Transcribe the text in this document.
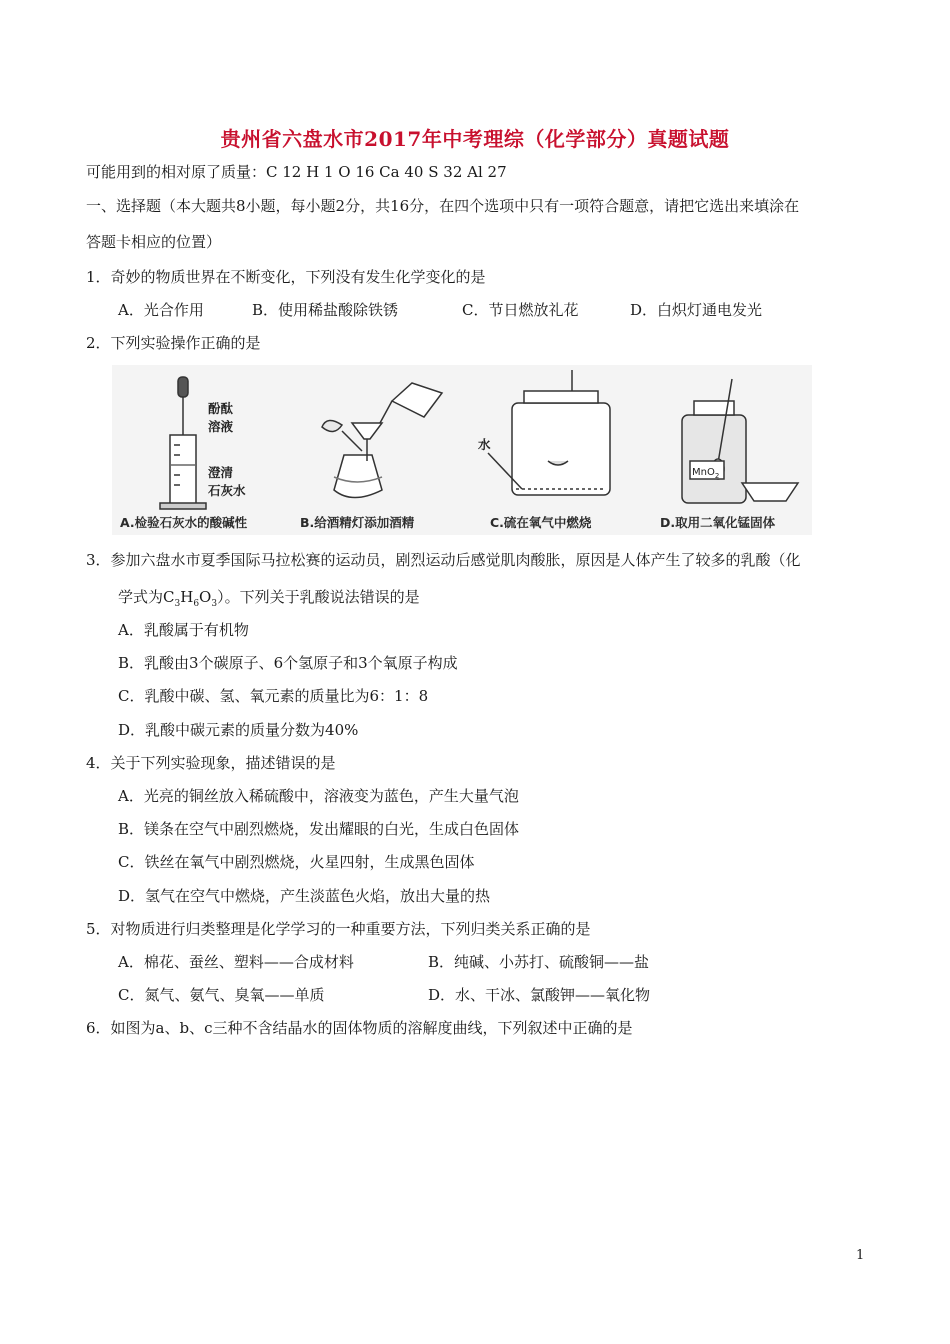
贵州省六盘水市2017年中考理综（化学部分）真题试题
可能用到的相对原了质量：C 12 H 1 O 16 Ca 40 S 32 Al 27
一、选择题（本大题共8小题，每小题2分，共16分，在四个选项中只有一项符合题意，请把它选出来填涂在
答题卡相应的位置）
1．奇妙的物质世界在不断变化，下列没有发生化学变化的是
A．光合作用	B．使用稀盐酸除铁锈	C．节日燃放礼花	D．白炽灯通电发光
2．下列实验操作正确的是
酚酞
溶液
澄清
石灰水
水
MnO$_2$
A.检验石灰水的酸碱性	B.给酒精灯添加酒精	C.硫在氧气中燃烧	D.取用二氧化锰固体
3．参加六盘水市夏季国际马拉松赛的运动员，剧烈运动后感觉肌肉酸胀，原因是人体产生了较多的乳酸（化
学式为$C_3H_6O_3$）。下列关于乳酸说法错误的是
A．乳酸属于有机物
B．乳酸由3个碳原子、6个氢原子和3个氧原子构成
C．乳酸中碳、氢、氧元素的质量比为6：1：8
D．乳酸中碳元素的质量分数为40%
4．关于下列实验现象，描述错误的是
A．光亮的铜丝放入稀硫酸中，溶液变为蓝色，产生大量气泡
B．镁条在空气中剧烈燃烧，发出耀眼的白光，生成白色固体
C．铁丝在氧气中剧烈燃烧，火星四射，生成黑色固体
D．氢气在空气中燃烧，产生淡蓝色火焰，放出大量的热
5．对物质进行归类整理是化学学习的一种重要方法，下列归类关系正确的是
A．棉花、蚕丝、塑料——合成材料	B．纯碱、小苏打、硫酸铜——盐
C．氮气、氨气、臭氧——单质	D．水、干冰、氯酸钾——氧化物
6．如图为a、b、c三种不含结晶水的固体物质的溶解度曲线，下列叙述中正确的是
1
